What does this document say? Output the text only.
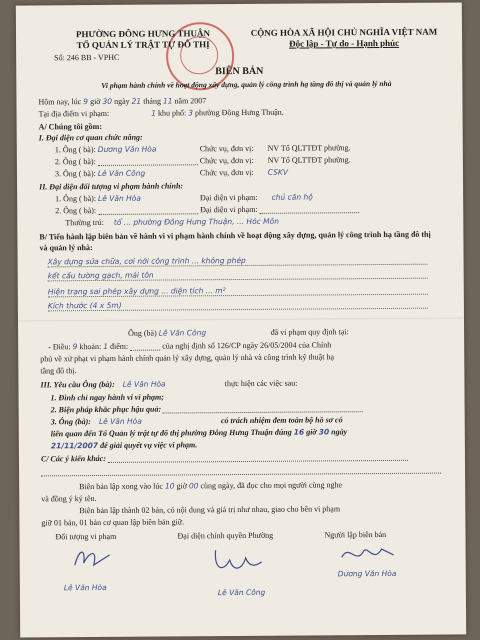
PHƯỜNG ĐÔNG HƯNG THUẬN
TỔ QUẢN LÝ TRẬT TỰ ĐÔ THỊ
Số: 246 BB - VPHC
CỘNG HÒA XÃ HỘI CHỦ NGHĨA VIỆT NAM
Độc lập - Tự do - Hạnh phúc
BIÊN BẢN
Vi phạm hành chính về hoạt động xây dựng, quản lý công trình hạ tầng đô thị và quản lý nhà
Hôm nay, lúc 9 giờ 30 ngày 21 tháng 11 năm 2007
Tại địa điểm vi phạm:	1 khu phố: 3 phường Đông Hưng Thuận.
A/ Chúng tôi gồm:
I. Đại diện cơ quan chức năng:
1. Ông ( bà): Dương Văn Hòa	Chức vụ, đơn vị: NV Tổ QLTTĐT phường.
2. Ông ( bà):	Chức vụ, đơn vị: NV Tổ QLTTĐT phường.
3. Ông ( bà): Lê Văn Công	Chức vụ, đơn vị: CSKV
II. Đại diện đối tượng vi phạm hành chính:
1. Ông ( bà): Lê Văn Hòa	Đại diện vi phạm: chủ căn hộ
2. Ông ( bà):	Đại diện vi phạm:
Thường trú: tổ ... phường Đông Hưng Thuận, ... Hóc Môn
B/ Tiến hành lập biên bản về hành vi vi phạm hành chính về hoạt động xây dựng, quản lý công trình hạ tầng đô thị và quản lý nhà:
Xây dựng sửa chữa, cơi nới công trình ... không phép
kết cấu tường gạch, mái tôn
Hiện trạng sai phép xây dựng ... diện tích ... m²
Kích thước (4 x 5m)
Ông (bà) Lê Văn Công	đã vi phạm quy định tại:
- Điều: 9 khoản: 1 điểm:	của nghị định số 126/CP ngày 26/05/2004 của Chính
phủ về xử phạt vi phạm hành chính quản lý xây dựng, quản lý nhà và công trình kỹ thuật hạ
tầng đô thị.
III. Yêu cầu Ông (bà): Lê Văn Hòa	thực hiện các việc sau:
1. Đình chỉ ngay hành vi vi phạm;
2. Biện pháp khắc phục hậu quả:
3. Ông (bà): Lê Văn Hòa	có trách nhiệm đem toàn bộ hồ sơ có
liên quan đến Tổ Quản lý trật tự đô thị phường Đông Hưng Thuận đúng 16 giờ 30 ngày
21/11/2007 để giải quyết vụ việc vi phạm.
C/ Các ý kiến khác:
Biên bản lập xong vào lúc 10 giờ 00 cùng ngày, đã đọc cho mọi người cùng nghe
và đồng ý ký tên.
Biên bản lập thành 02 bản, có nội dung và giá trị như nhau, giao cho bên vi phạm
giữ 01 bản, 01 bản cơ quan lập biên bản giữ.
Đối tượng vi phạm	Đại diện chính quyền Phường	Người lập biên bản
Lê Văn Hòa
Lê Văn Công
Dương Văn Hòa
